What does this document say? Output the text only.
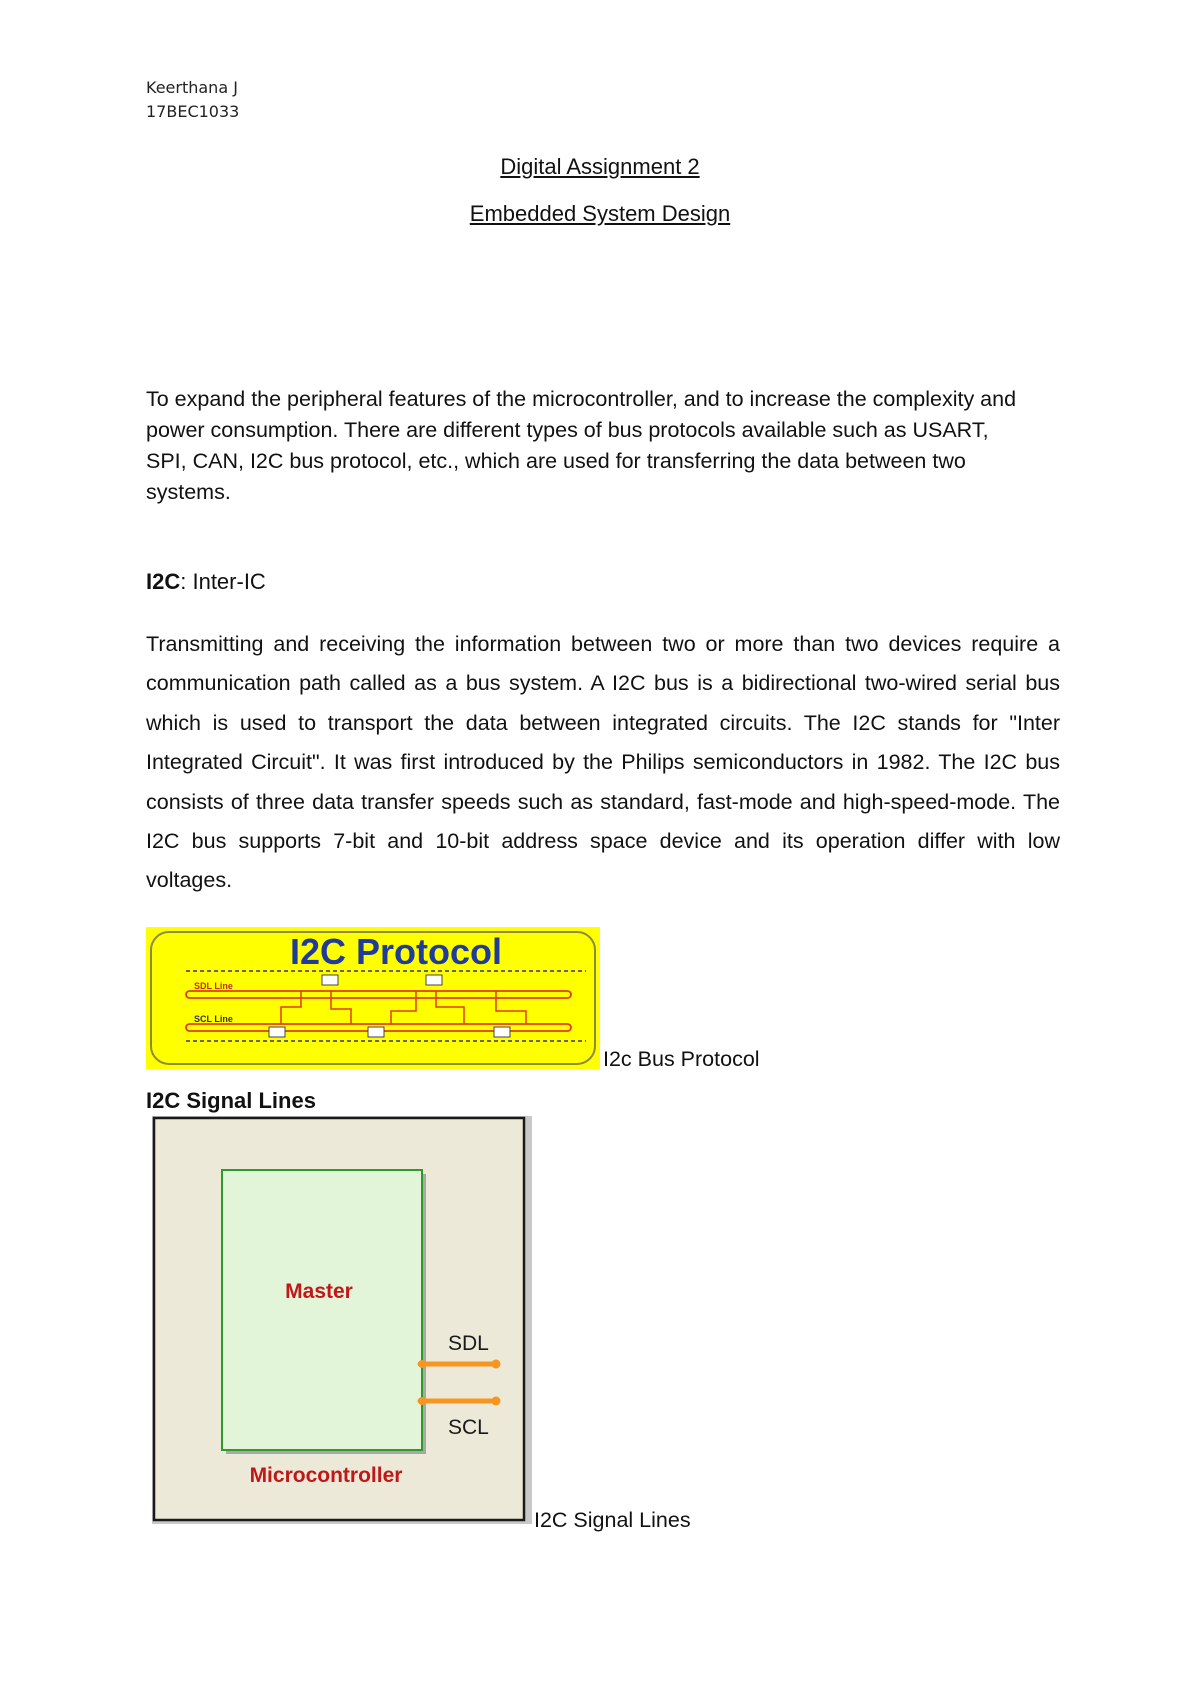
Keerthana J
17BEC1033
Digital Assignment 2
Embedded System Design

To expand the peripheral features of the microcontroller, and to increase the complexity and power consumption. There are different types of bus protocols available such as USART, SPI, CAN, I2C bus protocol, etc., which are used for transferring the data between two systems.

I2C: Inter-IC

Transmitting and receiving the information between two or more than two devices require a communication path called as a bus system. A I2C bus is a bidirectional two-wired serial bus which is used to transport the data between integrated circuits. The I2C stands for "Inter Integrated Circuit". It was first introduced by the Philips semiconductors in 1982. The I2C bus consists of three data transfer speeds such as standard, fast-mode and high-speed-mode. The I2C bus supports 7-bit and 10-bit address space device and its operation differ with low voltages.

I2C Protocol
SDL Line
SCL Line
I2c Bus Protocol
I2C Signal Lines
Master
Microcontroller
SDL
SCL
I2C Signal Lines
